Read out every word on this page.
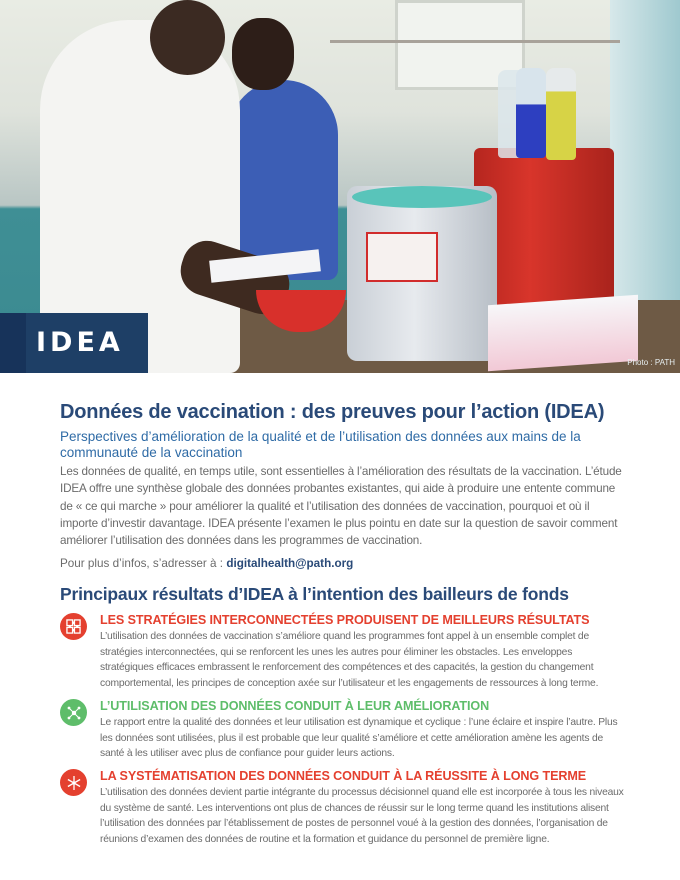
Photo : PATH
IDEA
Données de vaccination : des preuves pour l’action (IDEA)
Perspectives d’amélioration de la qualité et de l’utilisation des données aux mains de la communauté de la vaccination

Les données de qualité, en temps utile, sont essentielles à l’amélioration des résultats de la vaccination. L’étude IDEA offre une synthèse globale des données probantes existantes, qui aide à produire une entente commune de « ce qui marche » pour améliorer la qualité et l’utilisation des données de vaccination, pourquoi et où il importe d’investir davantage. IDEA présente l’examen le plus pointu en date sur la question de savoir comment améliorer l’utilisation des données dans les programmes de vaccination.

Pour plus d’infos, s’adresser à : digitalhealth@path.org

Principaux résultats d’IDEA à l’intention des bailleurs de fonds
LES STRATÉGIES INTERCONNECTÉES PRODUISENT DE MEILLEURS RÉSULTATS

L’utilisation des données de vaccination s’améliore quand les programmes font appel à un ensemble complet de stratégies interconnectées, qui se renforcent les unes les autres pour éliminer les obstacles. Les enveloppes stratégiques efficaces embrassent le renforcement des compétences et des capacités, la gestion du changement comportemental, les principes de conception axée sur l’utilisateur et les engagements de ressources à long terme.

L’UTILISATION DES DONNÉES CONDUIT À LEUR AMÉLIORATION

Le rapport entre la qualité des données et leur utilisation est dynamique et cyclique : l’une éclaire et inspire l’autre. Plus les données sont utilisées, plus il est probable que leur qualité s’améliore et cette amélioration amène les agents de santé à les utiliser avec plus de confiance pour guider leurs actions.

LA SYSTÉMATISATION DES DONNÉES CONDUIT À LA RÉUSSITE À LONG TERME

L’utilisation des données devient partie intégrante du processus décisionnel quand elle est incorporée à tous les niveaux du système de santé. Les interventions ont plus de chances de réussir sur le long terme quand les institutions alisent l’utilisation des données par l’établissement de postes de personnel voué à la gestion des données, l’organisation de réunions d’examen des données de routine et la formation et guidance du personnel de première ligne.
